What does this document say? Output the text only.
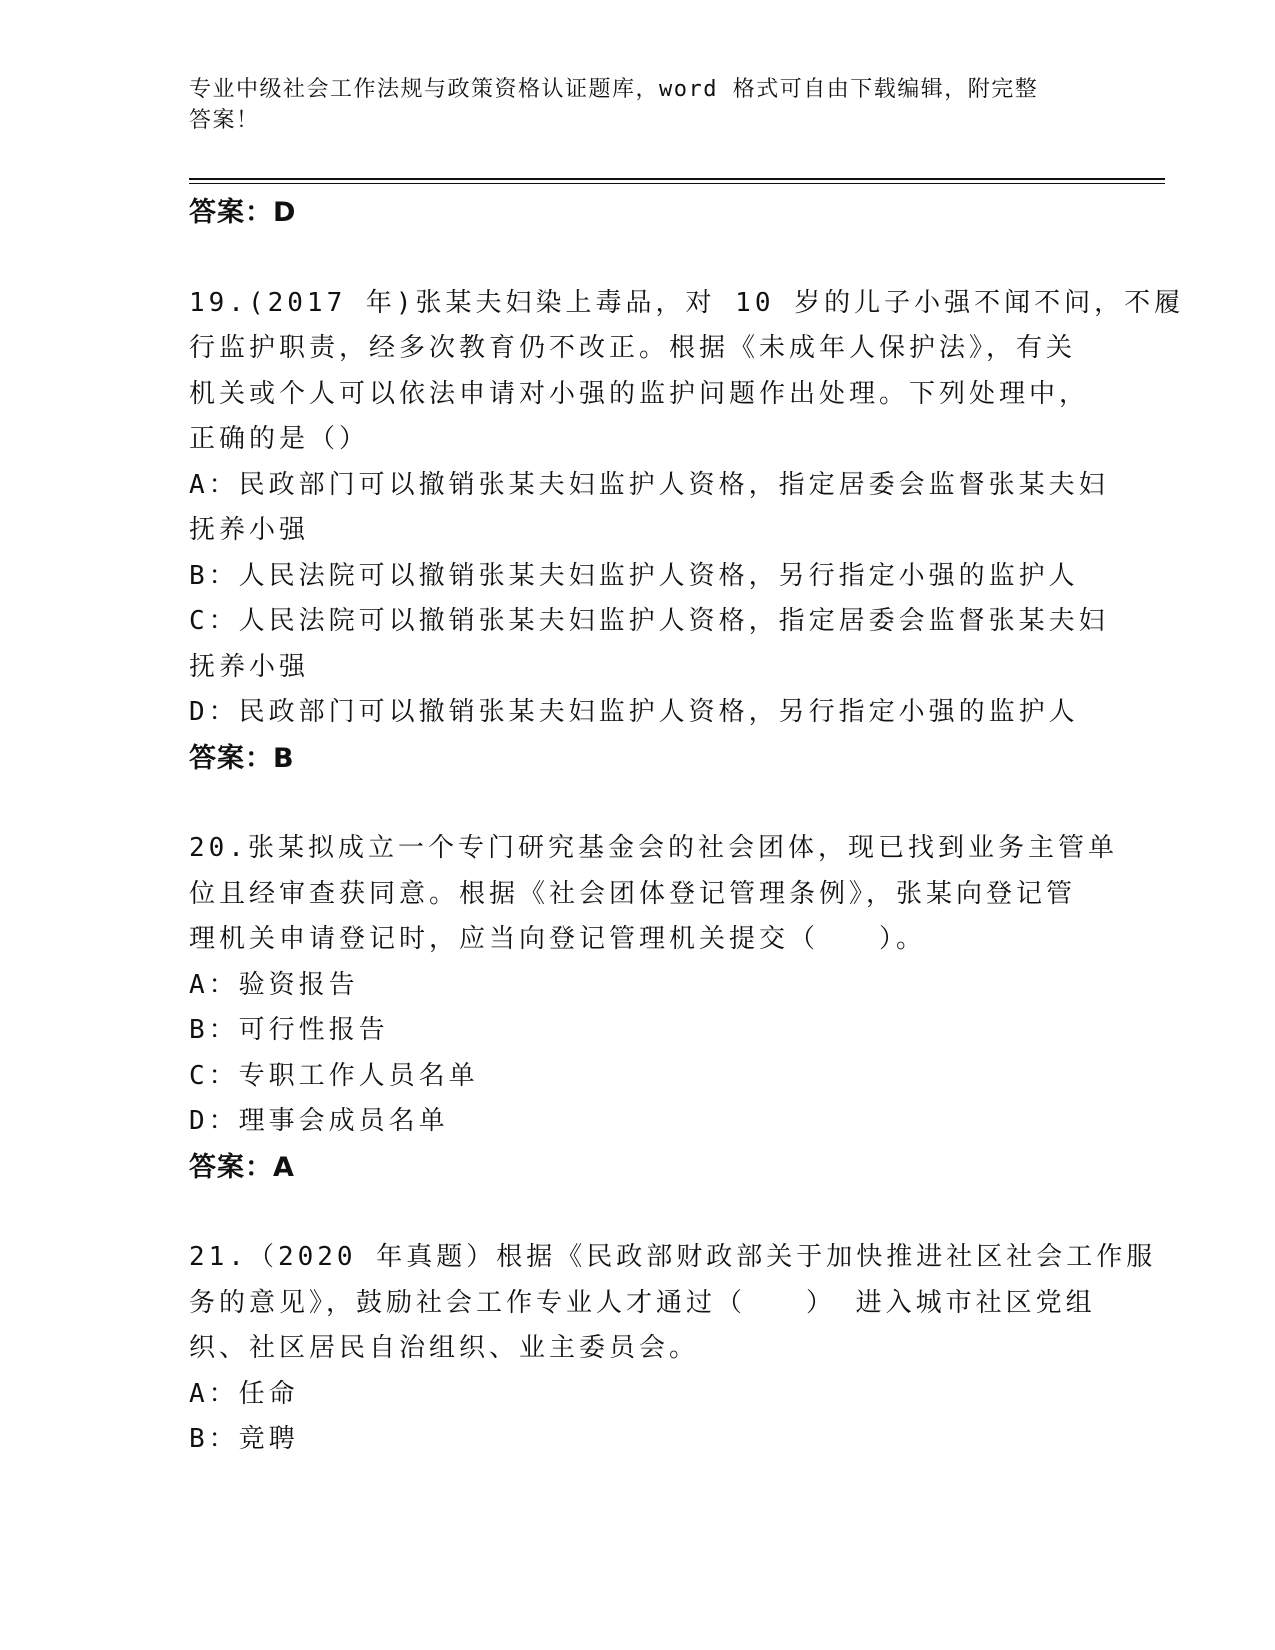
专业中级社会工作法规与政策资格认证题库，word 格式可自由下载编辑，附完整
答案！
答案：D
19.(2017 年)张某夫妇染上毒品，对 10 岁的儿子小强不闻不问，不履
行监护职责，经多次教育仍不改正。根据《未成年人保护法》，有关
机关或个人可以依法申请对小强的监护问题作出处理。下列处理中，
正确的是（）
A：民政部门可以撤销张某夫妇监护人资格，指定居委会监督张某夫妇
抚养小强
B：人民法院可以撤销张某夫妇监护人资格，另行指定小强的监护人
C：人民法院可以撤销张某夫妇监护人资格，指定居委会监督张某夫妇
抚养小强
D：民政部门可以撤销张某夫妇监护人资格，另行指定小强的监护人
答案：B
20.张某拟成立一个专门研究基金会的社会团体，现已找到业务主管单
位且经审查获同意。根据《社会团体登记管理条例》，张某向登记管
理机关申请登记时，应当向登记管理机关提交（　　）。
A：验资报告
B：可行性报告
C：专职工作人员名单
D：理事会成员名单
答案：A
21.（2020 年真题）根据《民政部财政部关于加快推进社区社会工作服
务的意见》，鼓励社会工作专业人才通过（　　） 进入城市社区党组
织、社区居民自治组织、业主委员会。
A：任命
B：竞聘
